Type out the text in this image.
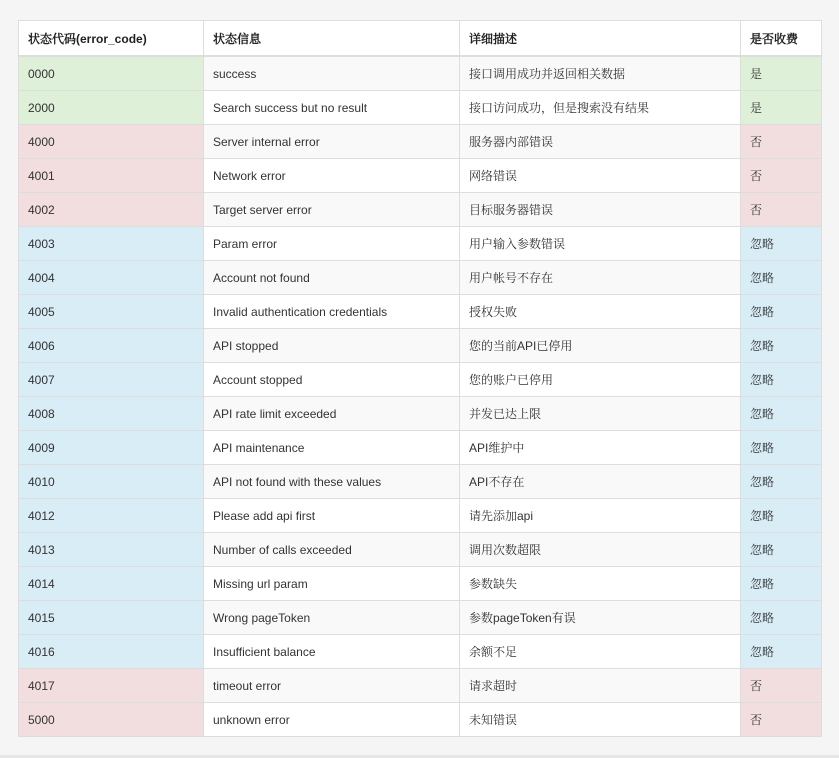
状态代码(error_code)	状态信息	详细描述	是否收费
0000	success	接口调用成功并返回相关数据	是
2000	Search success but no result	接口访问成功，但是搜索没有结果	是
4000	Server internal error	服务器内部错误	否
4001	Network error	网络错误	否
4002	Target server error	目标服务器错误	否
4003	Param error	用户输入参数错误	忽略
4004	Account not found	用户帐号不存在	忽略
4005	Invalid authentication credentials	授权失败	忽略
4006	API stopped	您的当前API已停用	忽略
4007	Account stopped	您的账户已停用	忽略
4008	API rate limit exceeded	并发已达上限	忽略
4009	API maintenance	API维护中	忽略
4010	API not found with these values	API不存在	忽略
4012	Please add api first	请先添加api	忽略
4013	Number of calls exceeded	调用次数超限	忽略
4014	Missing url param	参数缺失	忽略
4015	Wrong pageToken	参数pageToken有误	忽略
4016	Insufficient balance	余额不足	忽略
4017	timeout error	请求超时	否
5000	unknown error	未知错误	否
